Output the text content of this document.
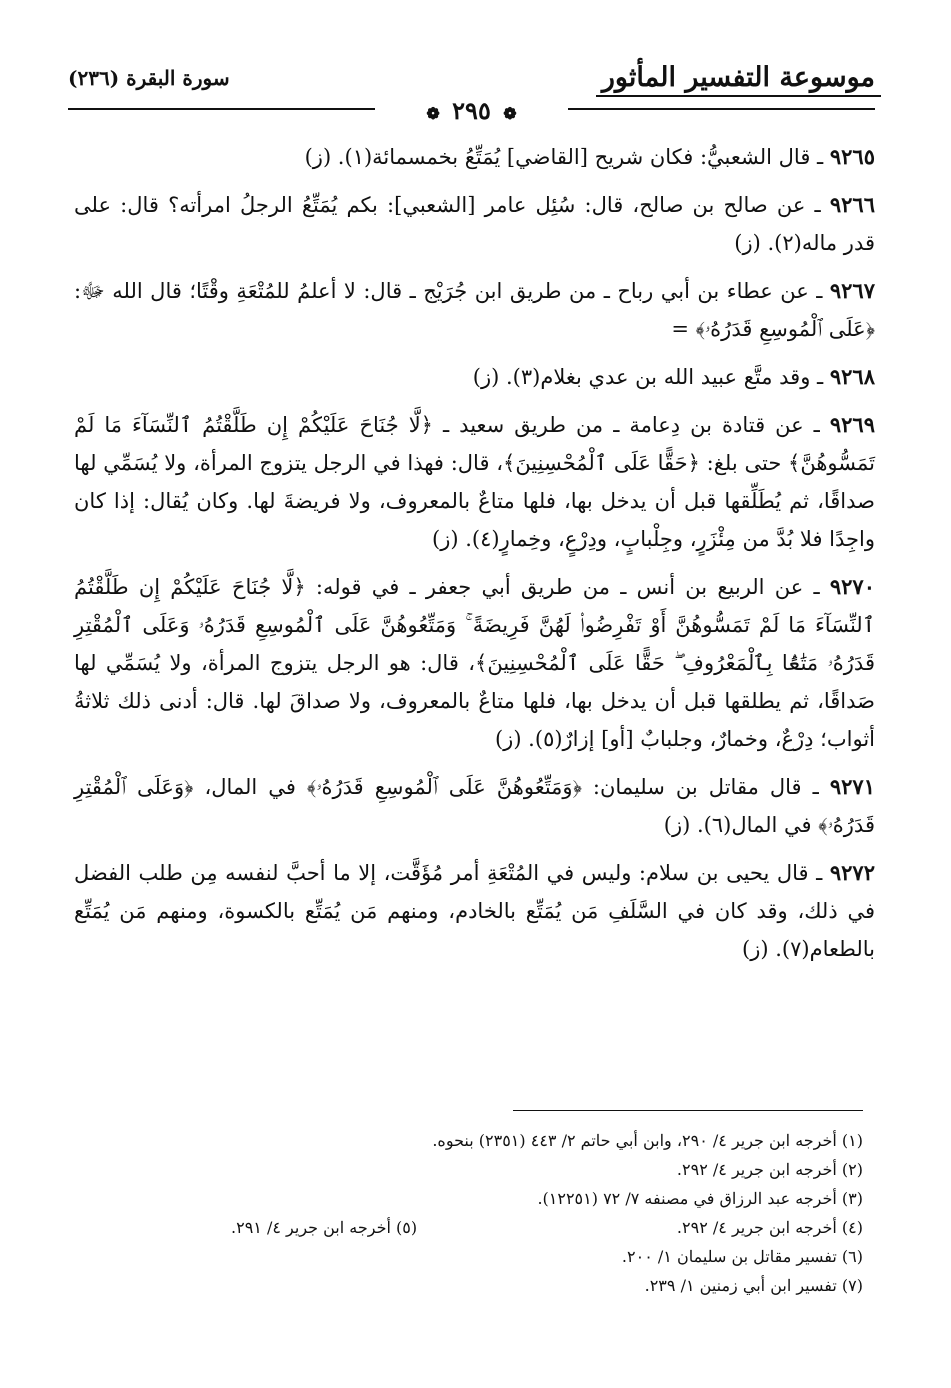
موسوعة التفسير المأثور
سورة البقرة (٢٣٦)
❁ ٢٩٥ ❁

٩٢٦٥ ـ قال الشعبيُّ: فكان شريح [القاضي] يُمَتِّعُ بخمسمائة(١). (ز)

٩٢٦٦ ـ عن صالح بن صالح، قال: سُئِل عامر [الشعبي]: بكم يُمَتِّعُ الرجلُ امرأته؟ قال: على قدر ماله(٢). (ز)

٩٢٦٧ ـ عن عطاء بن أبي رباح ـ من طريق ابن جُرَيْج ـ قال: لا أعلمُ للمُتْعَةِ وقْتًا؛ قال الله ﷻ: ﴿عَلَى ٱلْمُوسِعِ قَدَرُهُۥ﴾ =

٩٢٦٨ ـ وقد متَّع عبيد الله بن عدي بغلام(٣). (ز)

٩٢٦٩ ـ عن قتادة بن دِعامة ـ من طريق سعيد ـ ﴿لَّا جُنَاحَ عَلَيْكُمْ إِن طَلَّقْتُمُ ٱلنِّسَآءَ مَا لَمْ تَمَسُّوهُنَّ﴾ حتى بلغ: ﴿حَقًّا عَلَى ٱلْمُحْسِنِينَ﴾، قال: فهذا في الرجل يتزوج المرأة، ولا يُسَمِّي لها صداقًا، ثم يُطَلِّقها قبل أن يدخل بها، فلها متاعٌ بالمعروف، ولا فريضةَ لها. وكان يُقال: إذا كان واجِدًا فلا بُدَّ من مِئْزَرٍ، وجِلْبابٍ، ودِرْعٍ، وخِمارٍ(٤). (ز)

٩٢٧٠ ـ عن الربيع بن أنس ـ من طريق أبي جعفر ـ في قوله: ﴿لَّا جُنَاحَ عَلَيْكُمْ إِن طَلَّقْتُمُ ٱلنِّسَآءَ مَا لَمْ تَمَسُّوهُنَّ أَوْ تَفْرِضُوا۟ لَهُنَّ فَرِيضَةً ۚ وَمَتِّعُوهُنَّ عَلَى ٱلْمُوسِعِ قَدَرُهُۥ وَعَلَى ٱلْمُقْتِرِ قَدَرُهُۥ مَتَٰعًۢا بِٱلْمَعْرُوفِ ۖ حَقًّا عَلَى ٱلْمُحْسِنِينَ﴾، قال: هو الرجل يتزوج المرأة، ولا يُسَمِّي لها صَداقًا، ثم يطلقها قبل أن يدخل بها، فلها متاعٌ بالمعروف، ولا صداقَ لها. قال: أدنى ذلك ثلاثةُ أثواب؛ دِرْعٌ، وخمارٌ، وجلبابٌ [أو] إزارٌ(٥). (ز)

٩٢٧١ ـ قال مقاتل بن سليمان: ﴿وَمَتِّعُوهُنَّ عَلَى ٱلْمُوسِعِ قَدَرُهُۥ﴾ في المال، ﴿وَعَلَى ٱلْمُقْتِرِ قَدَرُهُۥ﴾ في المال(٦). (ز)

٩٢٧٢ ـ قال يحيى بن سلام: وليس في المُتْعَةِ أمر مُؤَقَّت، إلا ما أحبَّ لنفسه مِن طلب الفضل في ذلك، وقد كان في السَّلَفِ مَن يُمَتِّع بالخادم، ومنهم مَن يُمَتِّع بالكسوة، ومنهم مَن يُمَتِّع بالطعام(٧). (ز)

(١) أخرجه ابن جرير ٤/ ٢٩٠، وابن أبي حاتم ٢/ ٤٤٣ (٢٣٥١) بنحوه.
(٢) أخرجه ابن جرير ٤/ ٢٩٢.
(٣) أخرجه عبد الرزاق في مصنفه ٧/ ٧٢ (١٢٢٥١).
(٤) أخرجه ابن جرير ٤/ ٢٩٢.
(٥) أخرجه ابن جرير ٤/ ٢٩١.
(٦) تفسير مقاتل بن سليمان ١/ ٢٠٠.
(٧) تفسير ابن أبي زمنين ١/ ٢٣٩.
